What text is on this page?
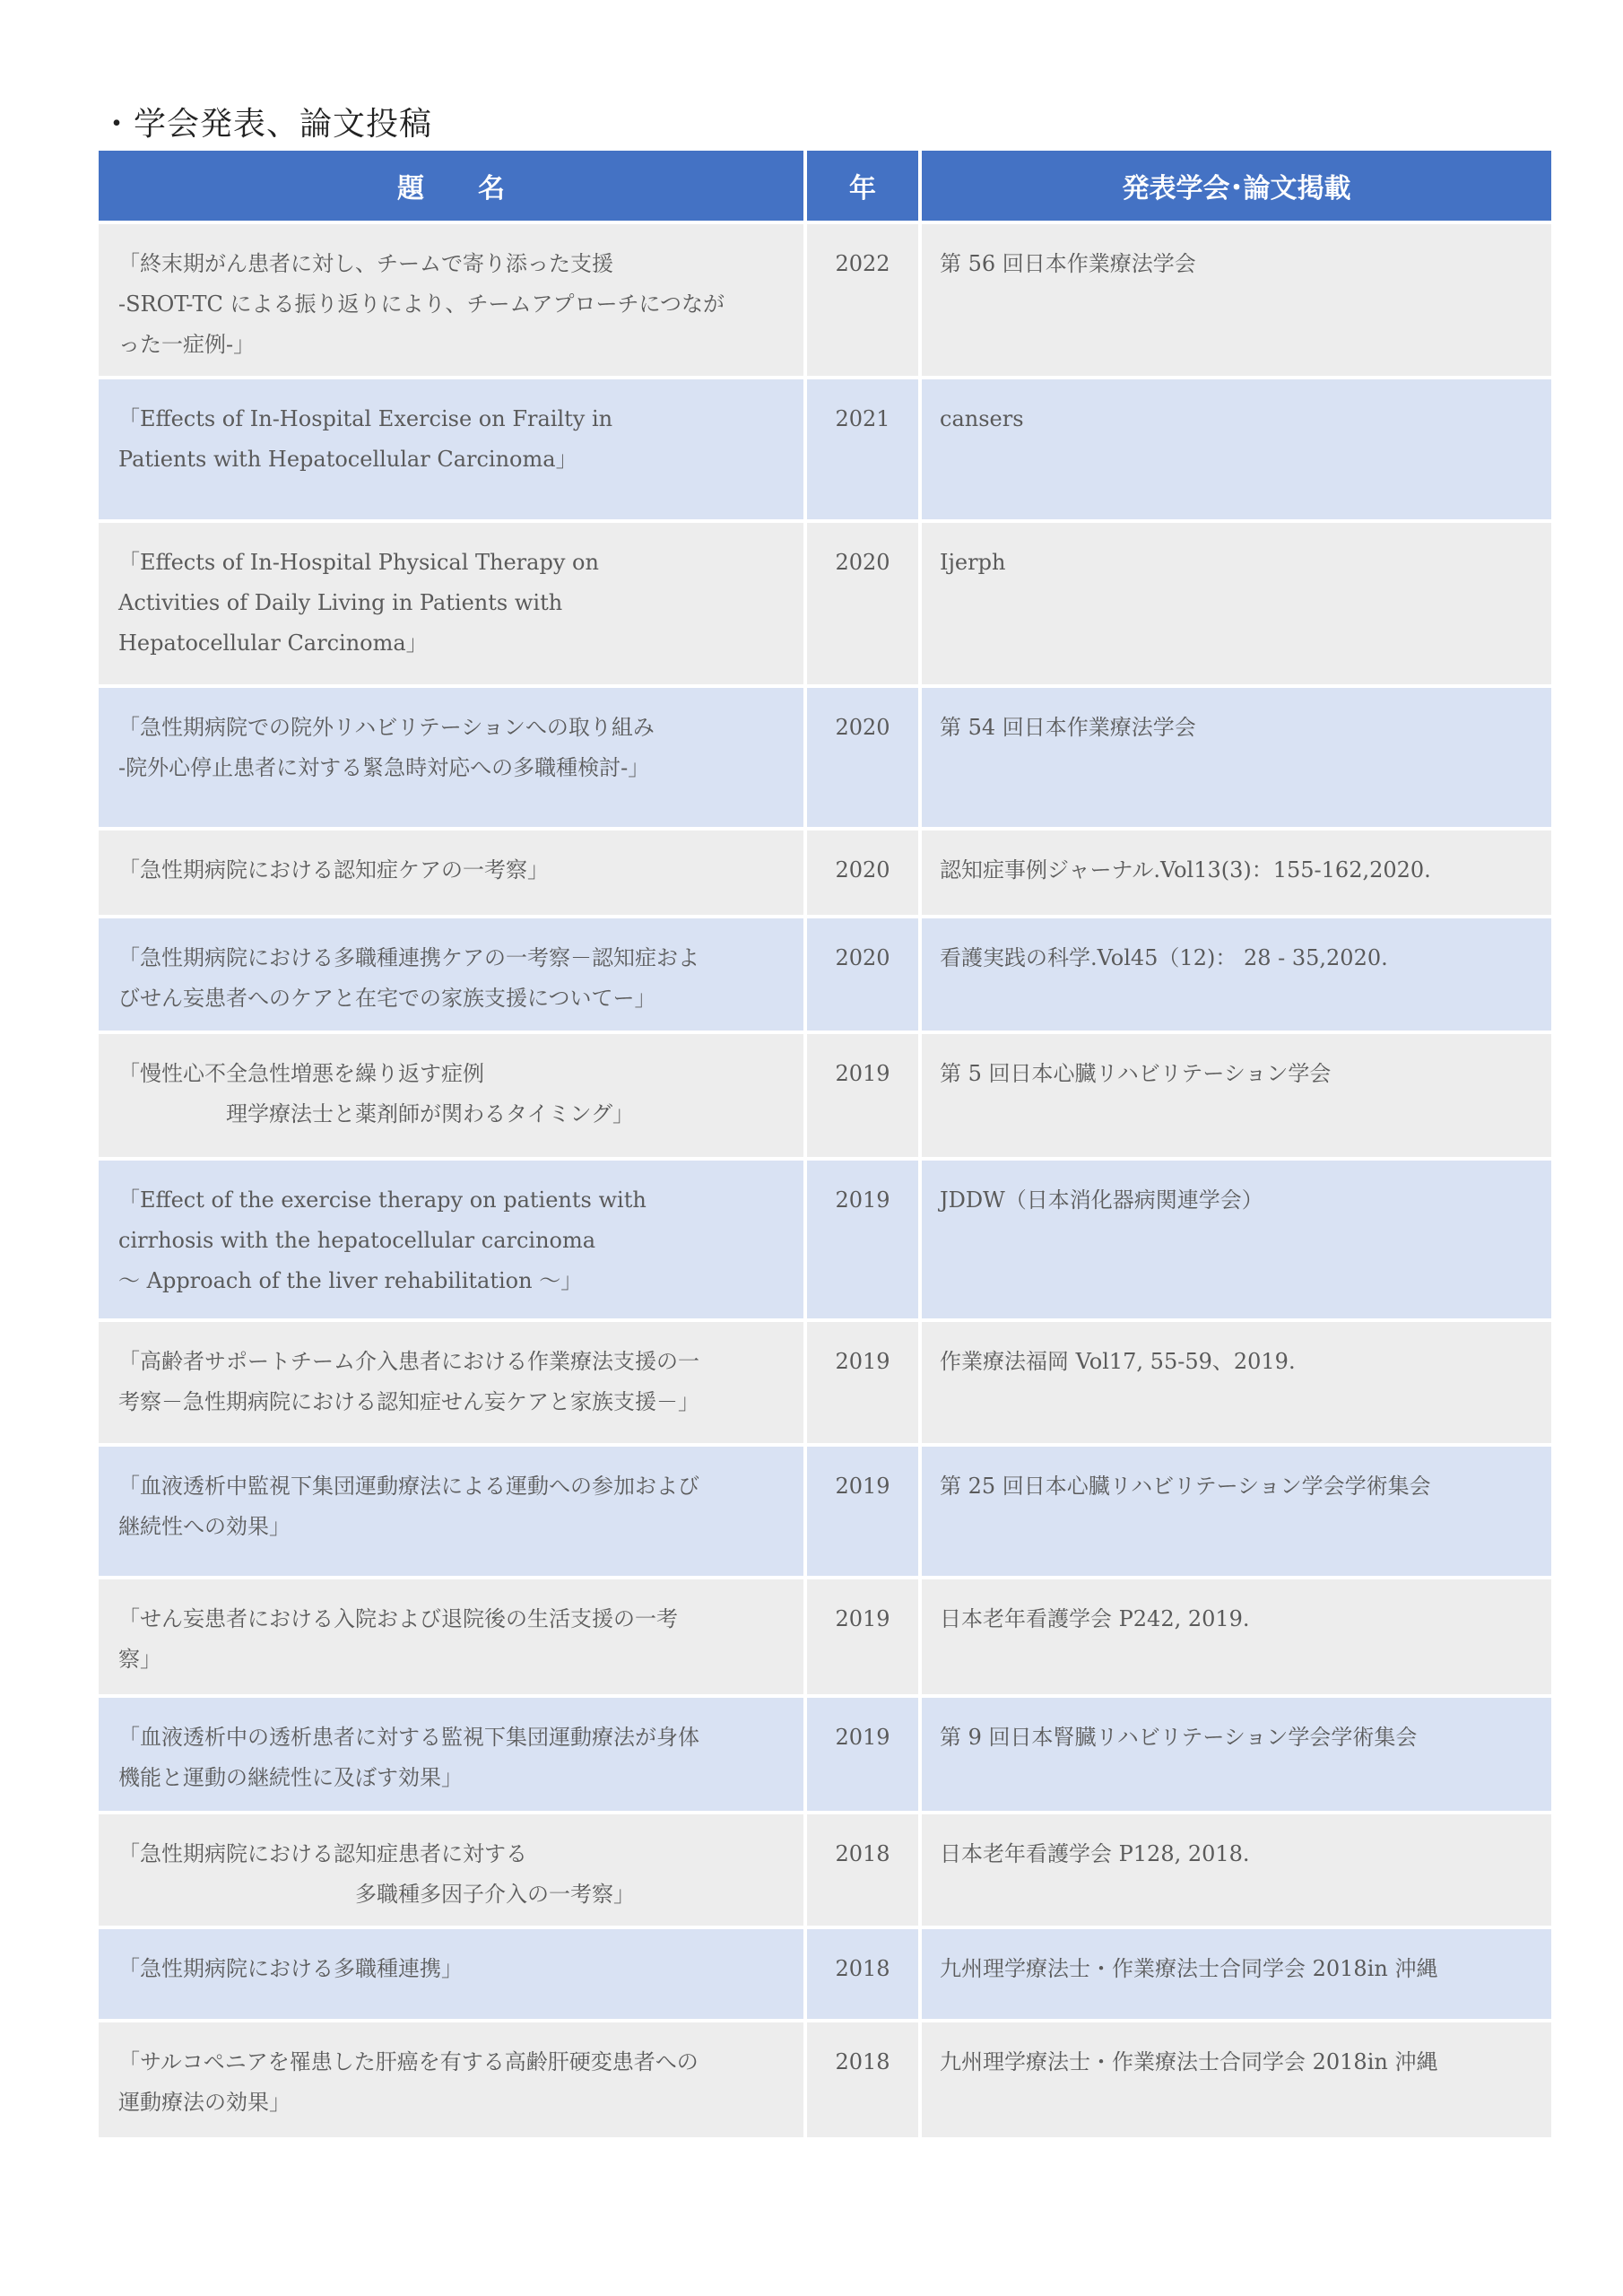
・学会発表、論文投稿
題　　名	年	発表学会･論文掲載
「終末期がん患者に対し、チームで寄り添った支援
-SROT-TC による振り返りにより、チームアプローチにつなが
った一症例-」	2022	第 56 回日本作業療法学会
「Effects of In-Hospital Exercise on Frailty in
Patients with Hepatocellular Carcinoma」	2021	cansers
「Effects of In-Hospital Physical Therapy on
Activities of Daily Living in Patients with
Hepatocellular Carcinoma」	2020	Ijerph
「急性期病院での院外リハビリテーションへの取り組み
-院外心停止患者に対する緊急時対応への多職種検討-」	2020	第 54 回日本作業療法学会
「急性期病院における認知症ケアの一考察」	2020	認知症事例ジャーナル.Vol13(3)：155-162,2020.
「急性期病院における多職種連携ケアの一考察－認知症およ
びせん妄患者へのケアと在宅での家族支援についてー」	2020	看護実践の科学.Vol45（12)： 28 ‐ 35,2020.
「慢性心不全急性増悪を繰り返す症例
　　　　　理学療法士と薬剤師が関わるタイミング」	2019	第 5 回日本心臓リハビリテーション学会
「Effect of the exercise therapy on patients with
cirrhosis with the hepatocellular carcinoma
～ Approach of the liver rehabilitation ～」	2019	JDDW（日本消化器病関連学会）
「高齢者サポートチーム介入患者における作業療法支援の一
考察－急性期病院における認知症せん妄ケアと家族支援－」	2019	作業療法福岡 Vol17, 55-59、2019.
「血液透析中監視下集団運動療法による運動への参加および
継続性への効果」	2019	第 25 回日本心臓リハビリテーション学会学術集会
「せん妄患者における入院および退院後の生活支援の一考
察」	2019	日本老年看護学会 P242, 2019.
「血液透析中の透析患者に対する監視下集団運動療法が身体
機能と運動の継続性に及ぼす効果」	2019	第 9 回日本腎臓リハビリテーション学会学術集会
「急性期病院における認知症患者に対する
　　　　　　　　　　　多職種多因子介入の一考察」	2018	日本老年看護学会 P128, 2018.
「急性期病院における多職種連携」	2018	九州理学療法士・作業療法士合同学会 2018in 沖縄
「サルコペニアを罹患した肝癌を有する高齢肝硬変患者への
運動療法の効果」	2018	九州理学療法士・作業療法士合同学会 2018in 沖縄
